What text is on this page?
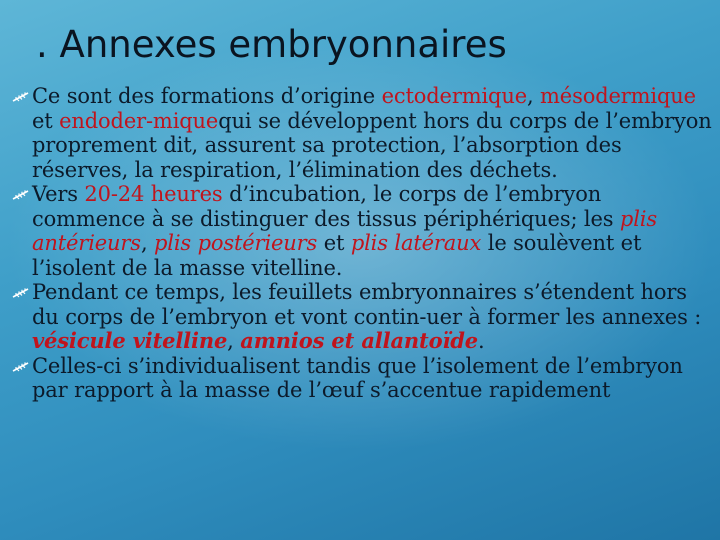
. Annexes embryonnaires
Ce sont des formations d’origine ectodermique, mésodermique et endoder-miquequi se développent hors du corps de l’embryon proprement dit, assurent sa protection, l’absorption des réserves, la respiration, l’élimination des déchets.
Vers 20-24 heures d’incubation, le corps de l’embryon commence à se distinguer des tissus périphériques; les plis antérieurs, plis postérieurs et plis latéraux le soulèvent et l’isolent de la masse vitelline.
Pendant ce temps, les feuillets embryonnaires s’étendent hors du corps de l’embryon et vont contin-uer à former les annexes : vésicule vitelline, amnios et allantoïde.
Celles-ci s’individualisent tandis que l’isolement de l’embryon par rapport à la masse de l’œuf s’accentue rapidement
